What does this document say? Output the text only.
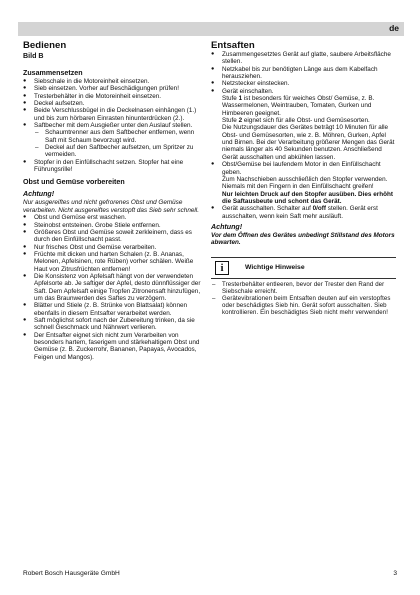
de
Bedienen
Bild B
Zusammensetzen
● Siebschale in die Motoreinheit einsetzen.
● Sieb einsetzen. Vorher auf Beschädigungen prüfen!
● Tresterbehälter in die Motoreinheit einsetzen.
● Deckel aufsetzen.
● Beide Verschlussbügel in die Deckelnasen einhängen (1.) und bis zum hörbaren Einrasten hinunterdrücken (2.).
● Saftbecher mit dem Ausgießer unter den Auslauf stellen.
– Schaumtrenner aus dem Saftbecher entfernen, wenn Saft mit Schaum bevorzugt wird.
– Deckel auf den Saftbecher aufsetzen, um Spritzer zu vermeiden.
● Stopfer in den Einfüllschacht setzen. Stopfer hat eine Führungsrille!
Obst und Gemüse vorbereiten
Achtung!
Nur ausgereiftes und nicht gefrorenes Obst und Gemüse verarbeiten. Nicht ausgereiftes verstopft das Sieb sehr schnell.
● Obst und Gemüse erst waschen.
● Steinobst entsteinen. Grobe Stiele entfernen.
● Größeres Obst und Gemüse soweit zerkleinern, dass es durch den Einfüllschacht passt.
● Nur frisches Obst und Gemüse verarbeiten.
● Früchte mit dicken und harten Schalen (z. B. Ananas, Melonen, Apfelsinen, rote Rüben) vorher schälen. Weiße Haut von Zitrusfrüchten entfernen!
● Die Konsistenz von Apfelsaft hängt von der verwendeten Apfelsorte ab. Je saftiger der Apfel, desto dünnflüssiger der Saft. Dem Apfelsaft einige Tropfen Zitronensaft hinzufügen, um das Braunwerden des Saftes zu verzögern.
● Blätter und Stiele (z. B. Strünke von Blattsalat) können ebenfalls in diesem Entsafter verarbeitet werden.
● Saft möglichst sofort nach der Zubereitung trinken, da sie schnell Geschmack und Nährwert verlieren.
● Der Entsafter eignet sich nicht zum Verarbeiten von besonders hartem, faserigem und stärkehaltigem Obst und Gemüse (z. B. Zuckerrohr, Bananen, Papayas, Avocados, Feigen und Mangos).
Entsaften
● Zusammengesetztes Gerät auf glatte, saubere Arbeitsfläche stellen.
● Netzkabel bis zur benötigten Länge aus dem Kabelfach herausziehen.
● Netzstecker einstecken.
● Gerät einschalten.
Stufe 1 ist besonders für weiches Obst/ Gemüse, z. B. Wassermelonen, Weintrauben, Tomaten, Gurken und Himbeeren geeignet.
Stufe 2 eignet sich für alle Obst- und Gemüsesorten.
Die Nutzungsdauer des Gerätes beträgt 10 Minuten für alle Obst- und Gemüsesorten, wie z. B. Möhren, Gurken, Apfel und Birnen. Bei der Verarbeitung größerer Mengen das Gerät niemals länger als 40 Sekunden benutzen. Anschließend Gerät ausschalten und abkühlen lassen.
● Obst/Gemüse bei laufendem Motor in den Einfüllschacht geben.
Zum Nachschieben ausschließlich den Stopfer verwenden. Niemals mit den Fingern in den Einfüllschacht greifen!
Nur leichten Druck auf den Stopfer ausüben. Dies erhöht die Saftausbeute und schont das Gerät.
● Gerät ausschalten. Schalter auf 0/off stellen. Gerät erst ausschalten, wenn kein Saft mehr ausläuft.
Achtung!
Vor dem Öffnen des Gerätes unbedingt Stillstand des Motors abwarten.
i	Wichtige Hinweise
– Tresterbehälter entleeren, bevor der Trester den Rand der Siebschale erreicht.
– Gerätevibrationen beim Entsaften deuten auf ein verstopftes oder beschädigtes Sieb hin. Gerät sofort ausschalten. Sieb kontrollieren. Ein beschädigtes Sieb nicht mehr verwenden!
Robert Bosch Hausgeräte GmbH	3
